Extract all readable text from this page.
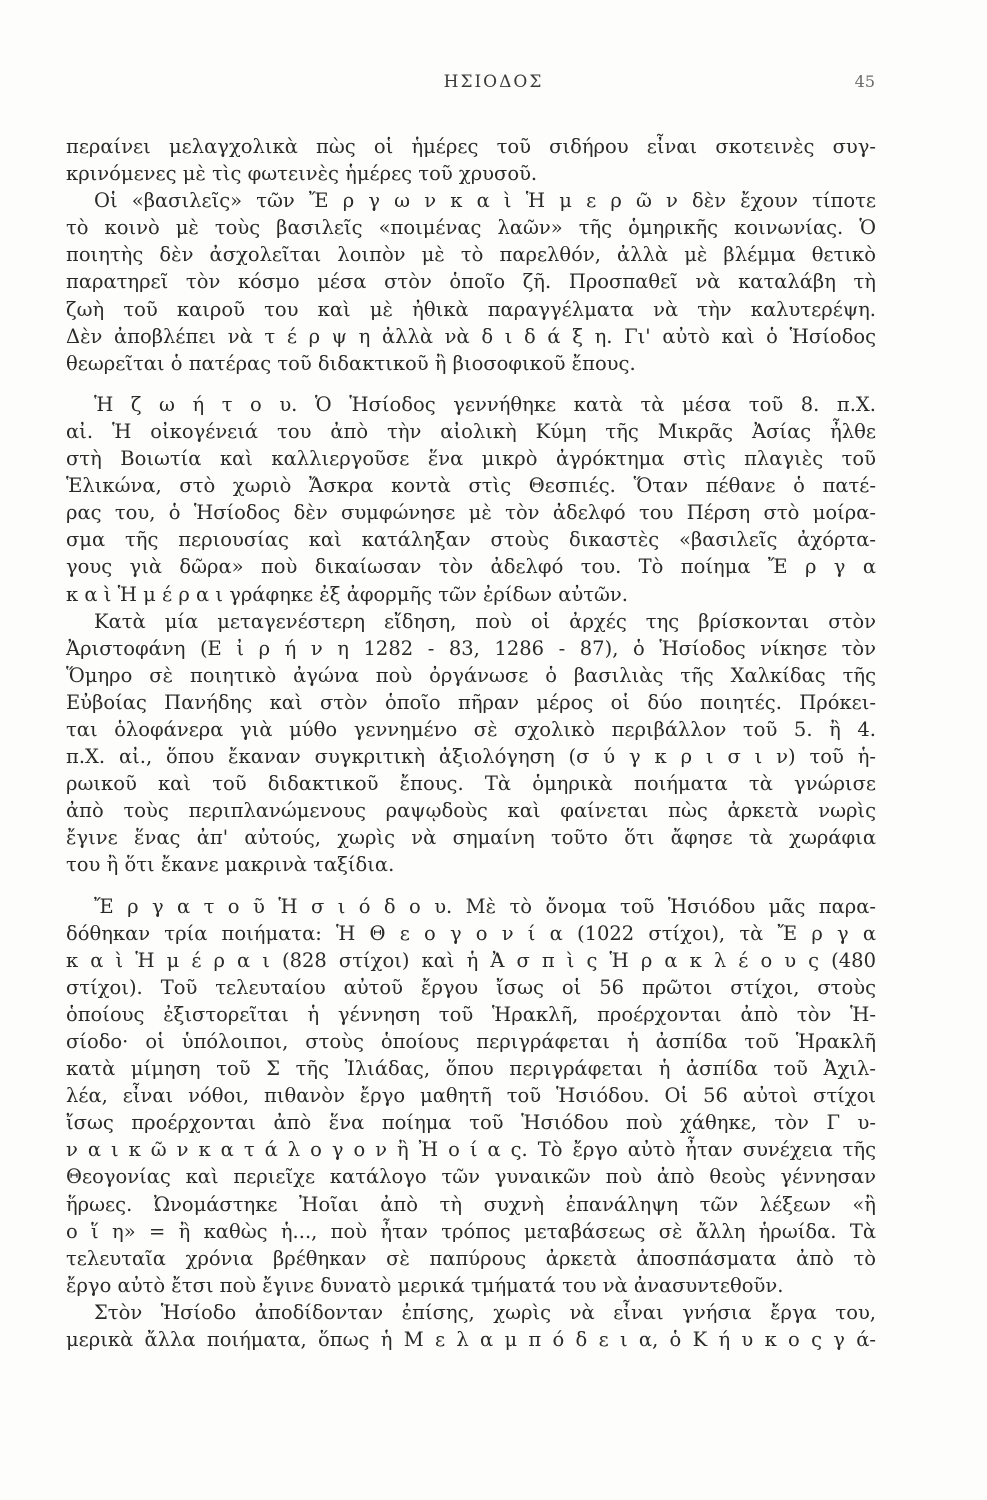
ΗΣΙΟΔΟΣ	45
περαίνει μελαγχολικὰ πὼς οἱ ἡμέρες τοῦ σιδήρου εἶναι σκοτεινὲς συγ-
κρινόμενες μὲ τὶς φωτεινὲς ἡμέρες τοῦ χρυσοῦ.
Οἱ «βασιλεῖς» τῶν Ἔ ρ γ ω ν κ α ὶ Ἡ μ ε ρ ῶ ν δὲν ἔχουν τίποτε
τὸ κοινὸ μὲ τοὺς βασιλεῖς «ποιμένας λαῶν» τῆς ὁμηρικῆς κοινωνίας. Ὁ
ποιητὴς δὲν ἀσχολεῖται λοιπὸν μὲ τὸ παρελθόν, ἀλλὰ μὲ βλέμμα θετικὸ
παρατηρεῖ τὸν κόσμο μέσα στὸν ὁποῖο ζῆ. Προσπαθεῖ νὰ καταλάβη τὴ
ζωὴ τοῦ καιροῦ του καὶ μὲ ἠθικὰ παραγγέλματα νὰ τὴν καλυτερέψη.
Δὲν ἀποβλέπει νὰ τ έ ρ ψ η ἀλλὰ νὰ δ ι δ ά ξ η. Γι' αὐτὸ καὶ ὁ Ἡσίοδος
θεωρεῖται ὁ πατέρας τοῦ διδακτικοῦ ἢ βιοσοφικοῦ ἔπους.
Ἡ ζ ω ή τ ο υ. Ὁ Ἡσίοδος γεννήθηκε κατὰ τὰ μέσα τοῦ 8. π.Χ.
αἰ. Ἡ οἰκογένειά του ἀπὸ τὴν αἰολικὴ Κύμη τῆς Μικρᾶς Ἀσίας ἦλθε
στὴ Βοιωτία καὶ καλλιεργοῦσε ἕνα μικρὸ ἀγρόκτημα στὶς πλαγιὲς τοῦ
Ἑλικώνα, στὸ χωριὸ Ἄσκρα κοντὰ στὶς Θεσπιές. Ὅταν πέθανε ὁ πατέ-
ρας του, ὁ Ἡσίοδος δὲν συμφώνησε μὲ τὸν ἀδελφό του Πέρση στὸ μοίρα-
σμα τῆς περιουσίας καὶ κατάληξαν στοὺς δικαστὲς «βασιλεῖς ἀχόρτα-
γους γιὰ δῶρα» ποὺ δικαίωσαν τὸν ἀδελφό του. Τὸ ποίημα Ἔ ρ γ α
κ α ὶ Ἡ μ έ ρ α ι γράφηκε ἐξ ἀφορμῆς τῶν ἐρίδων αὐτῶν.
Κατὰ μία μεταγενέστερη εἴδηση, ποὺ οἱ ἀρχές της βρίσκονται στὸν
Ἀριστοφάνη (Ε ἰ ρ ή ν η 1282 - 83, 1286 - 87), ὁ Ἡσίοδος νίκησε τὸν
Ὅμηρο σὲ ποιητικὸ ἀγώνα ποὺ ὀργάνωσε ὁ βασιλιὰς τῆς Χαλκίδας τῆς
Εὐβοίας Πανήδης καὶ στὸν ὁποῖο πῆραν μέρος οἱ δύο ποιητές. Πρόκει-
ται ὁλοφάνερα γιὰ μύθο γεννημένο σὲ σχολικὸ περιβάλλον τοῦ 5. ἢ 4.
π.Χ. αἰ., ὅπου ἔκαναν συγκριτικὴ ἀξιολόγηση (σ ύ γ κ ρ ι σ ι ν) τοῦ ἡ-
ρωικοῦ καὶ τοῦ διδακτικοῦ ἔπους. Τὰ ὁμηρικὰ ποιήματα τὰ γνώρισε
ἀπὸ τοὺς περιπλανώμενους ραψῳδοὺς καὶ φαίνεται πὼς ἀρκετὰ νωρὶς
ἔγινε ἕνας ἀπ' αὐτούς, χωρὶς νὰ σημαίνη τοῦτο ὅτι ἄφησε τὰ χωράφια
του ἢ ὅτι ἔκανε μακρινὰ ταξίδια.
Ἔ ρ γ α τ ο ῦ Ἡ σ ι ό δ ο υ. Μὲ τὸ ὄνομα τοῦ Ἡσιόδου μᾶς παρα-
δόθηκαν τρία ποιήματα: Ἡ Θ ε ο γ ο ν ί α (1022 στίχοι), τὰ Ἔ ρ γ α
κ α ὶ Ἡ μ έ ρ α ι (828 στίχοι) καὶ ἡ Ἀ σ π ὶ ς Ἡ ρ α κ λ έ ο υ ς (480
στίχοι). Τοῦ τελευταίου αὐτοῦ ἔργου ἴσως οἱ 56 πρῶτοι στίχοι, στοὺς
ὁποίους ἐξιστορεῖται ἡ γέννηση τοῦ Ἡρακλῆ, προέρχονται ἀπὸ τὸν Ἡ-
σίοδο· οἱ ὑπόλοιποι, στοὺς ὁποίους περιγράφεται ἡ ἀσπίδα τοῦ Ἡρακλῆ
κατὰ μίμηση τοῦ Σ τῆς Ἰλιάδας, ὅπου περιγράφεται ἡ ἀσπίδα τοῦ Ἀχιλ-
λέα, εἶναι νόθοι, πιθανὸν ἔργο μαθητῆ τοῦ Ἡσιόδου. Οἱ 56 αὐτοὶ στίχοι
ἴσως προέρχονται ἀπὸ ἕνα ποίημα τοῦ Ἡσιόδου ποὺ χάθηκε, τὸν Γ υ-
ν α ι κ ῶ ν κ α τ ά λ ο γ ο ν ἢ Ἠ ο ί α ς. Τὸ ἔργο αὐτὸ ἦταν συνέχεια τῆς
Θεογονίας καὶ περιεῖχε κατάλογο τῶν γυναικῶν ποὺ ἀπὸ θεοὺς γέννησαν
ἥρωες. Ὠνομάστηκε Ἠοῖαι ἀπὸ τὴ συχνὴ ἐπανάληψη τῶν λέξεων «ἢ
ο ἵ η» = ἢ καθὼς ἡ..., ποὺ ἦταν τρόπος μεταβάσεως σὲ ἄλλη ἡρωίδα. Τὰ
τελευταῖα χρόνια βρέθηκαν σὲ παπύρους ἀρκετὰ ἀποσπάσματα ἀπὸ τὸ
ἔργο αὐτὸ ἔτσι ποὺ ἔγινε δυνατὸ μερικά τμήματά του νὰ ἀνασυντεθοῦν.
Στὸν Ἡσίοδο ἀποδίδονταν ἐπίσης, χωρὶς νὰ εἶναι γνήσια ἔργα του,
μερικὰ ἄλλα ποιήματα, ὅπως ἡ Μ ε λ α μ π ό δ ε ι α, ὁ Κ ή υ κ ο ς γ ά-
